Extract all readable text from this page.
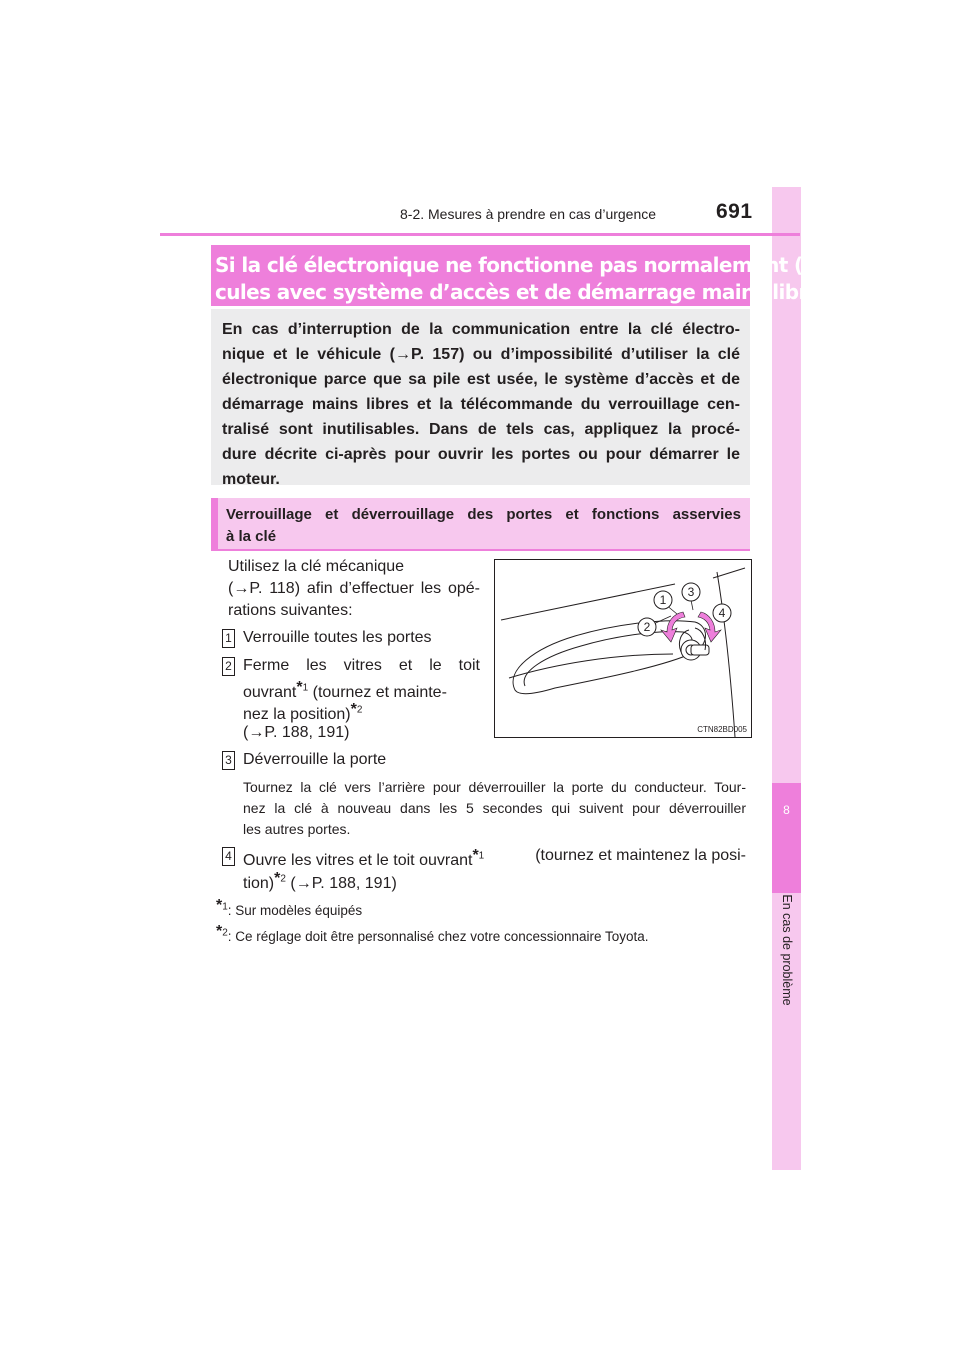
8
En cas de problème
8-2. Mesures à prendre en cas d’urgence	691
Si la clé électronique ne fonctionne pas normalement (véhi-
cules avec système d’accès et de démarrage mains libres)
En cas d’interruption de la communication entre la clé électro-
nique et le véhicule (→P. 157) ou d’impossibilité d’utiliser la clé
électronique parce que sa pile est usée, le système d’accès et de
démarrage mains libres et la télécommande du verrouillage cen-
tralisé sont inutilisables. Dans de tels cas, appliquez la procé-
dure décrite ci-après pour ouvrir les portes ou pour démarrer le
moteur.
Verrouillage et déverrouillage des portes et fonctions asservies
à la clé
Utilisez la clé mécanique
(→P. 118) afin d’effectuer les opé-
rations suivantes:
1 Verrouille toutes les portes
2 Ferme les vitres et le toit
ouvrant*$^1$ (tournez et mainte-
nez la position)*$^2$
(→P. 188, 191)
3 Déverrouille la porte
Tournez la clé vers l’arrière pour déverrouiller la porte du conducteur. Tour-
nez la clé à nouveau dans les 5 secondes qui suivent pour déverrouiller
les autres portes.
4 Ouvre les vitres et le toit ouvrant*$^1$	(tournez et maintenez la posi-
tion)*$^2$ (→P. 188, 191)
*$^1$: Sur modèles équipés
*$^2$: Ce réglage doit être personnalisé chez votre concessionnaire Toyota.
1
3
2
4
CTN82BD005
